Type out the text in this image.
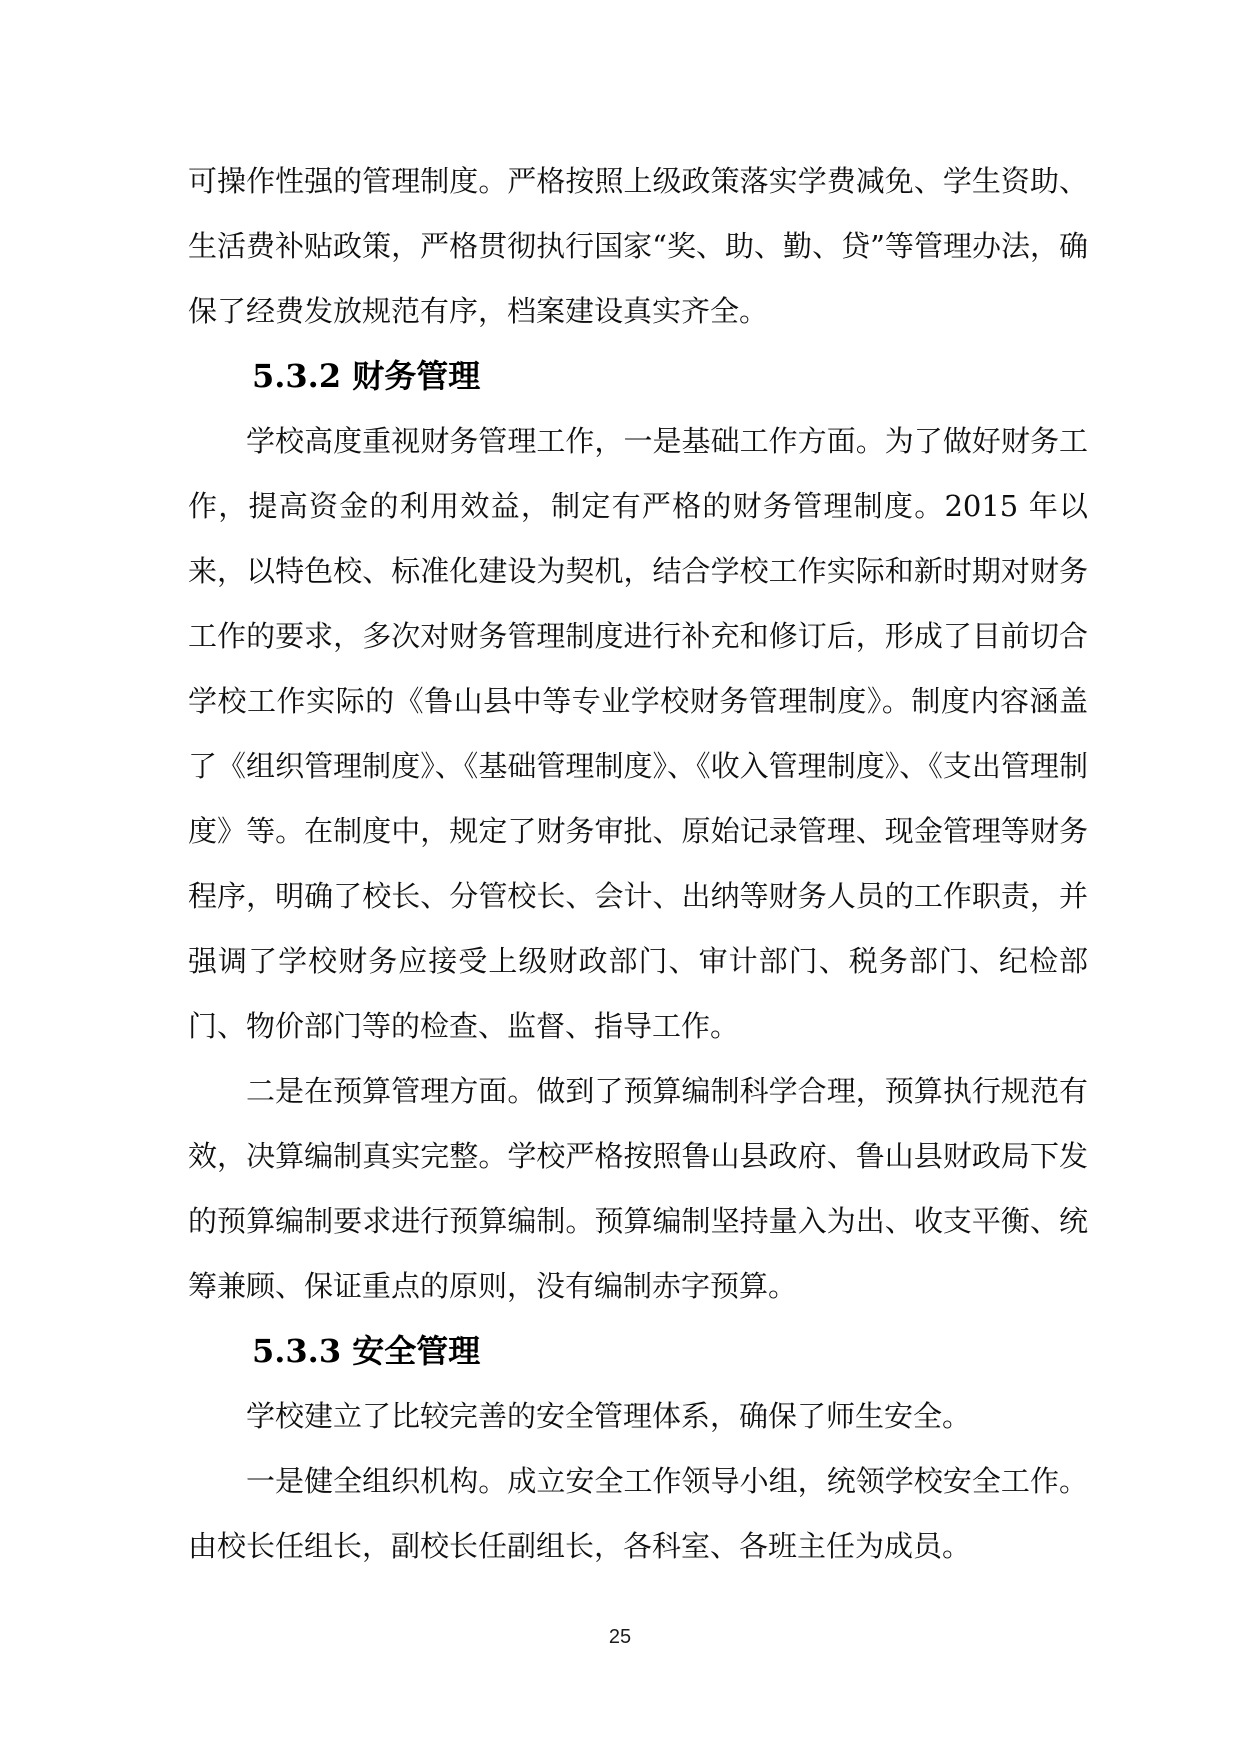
可操作性强的管理制度。严格按照上级政策落实学费减免、学生资助、生活费补贴政策，严格贯彻执行国家“奖、助、勤、贷”等管理办法，确保了经费发放规范有序，档案建设真实齐全。

5.3.2 财务管理

学校高度重视财务管理工作，一是基础工作方面。为了做好财务工作，提高资金的利用效益，制定有严格的财务管理制度。2015 年以来，以特色校、标准化建设为契机，结合学校工作实际和新时期对财务工作的要求，多次对财务管理制度进行补充和修订后，形成了目前切合学校工作实际的《鲁山县中等专业学校财务管理制度》。制度内容涵盖了《组织管理制度》、《基础管理制度》、《收入管理制度》、《支出管理制度》等。在制度中，规定了财务审批、原始记录管理、现金管理等财务程序，明确了校长、分管校长、会计、出纳等财务人员的工作职责，并强调了学校财务应接受上级财政部门、审计部门、税务部门、纪检部门、物价部门等的检查、监督、指导工作。

二是在预算管理方面。做到了预算编制科学合理，预算执行规范有效，决算编制真实完整。学校严格按照鲁山县政府、鲁山县财政局下发的预算编制要求进行预算编制。预算编制坚持量入为出、收支平衡、统筹兼顾、保证重点的原则，没有编制赤字预算。

5.3.3 安全管理

学校建立了比较完善的安全管理体系，确保了师生安全。

一是健全组织机构。成立安全工作领导小组，统领学校安全工作。由校长任组长，副校长任副组长，各科室、各班主任为成员。

25
